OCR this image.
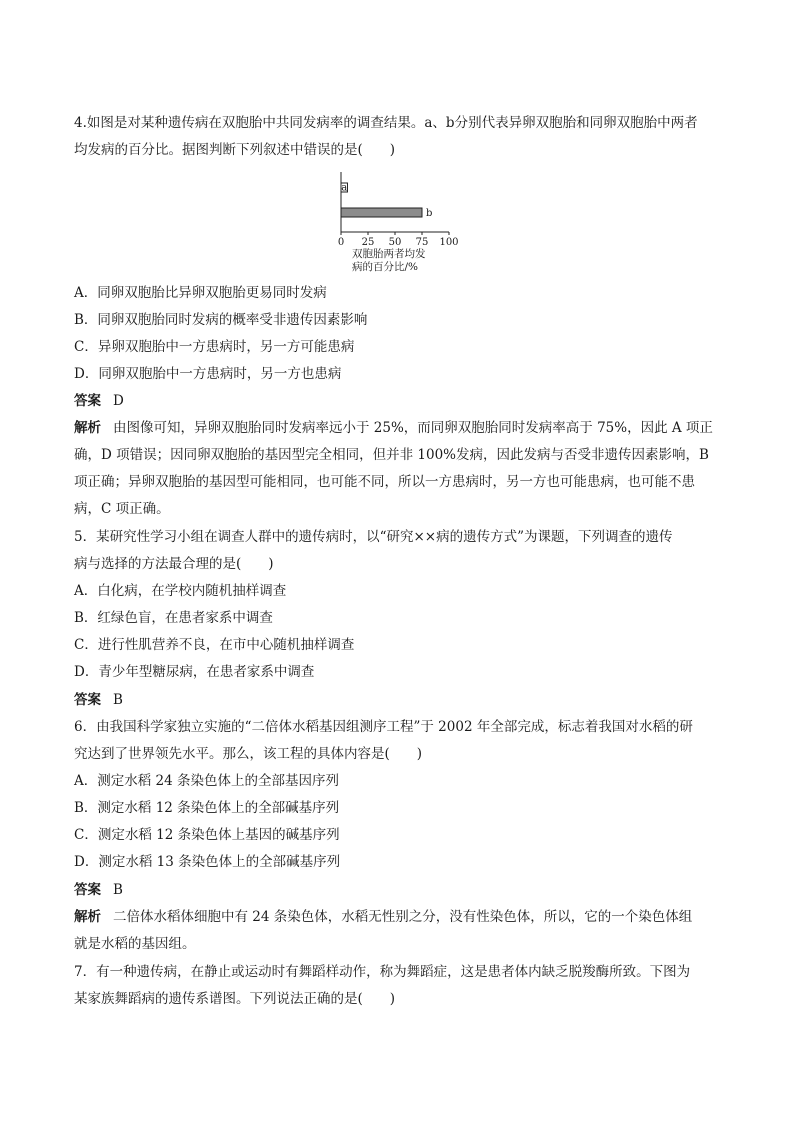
4.如图是对某种遗传病在双胞胎中共同发病率的调查结果。a、b分别代表异卵双胞胎和同卵双胞胎中两者
均发病的百分比。据图判断下列叙述中错误的是(　　)
0 25 50 75 100
a
b
双胞胎两者均发
病的百分比/%
A．同卵双胞胎比异卵双胞胎更易同时发病
B．同卵双胞胎同时发病的概率受非遗传因素影响
C．异卵双胞胎中一方患病时，另一方可能患病
D．同卵双胞胎中一方患病时，另一方也患病
答案 D
解析 由图像可知，异卵双胞胎同时发病率远小于 25%，而同卵双胞胎同时发病率高于 75%，因此 A 项正
确，D 项错误；因同卵双胞胎的基因型完全相同，但并非 100%发病，因此发病与否受非遗传因素影响，B
项正确；异卵双胞胎的基因型可能相同，也可能不同，所以一方患病时，另一方也可能患病，也可能不患
病，C 项正确。
5．某研究性学习小组在调查人群中的遗传病时，以“研究××病的遗传方式”为课题，下列调查的遗传
病与选择的方法最合理的是(　　)
A．白化病，在学校内随机抽样调查
B．红绿色盲，在患者家系中调查
C．进行性肌营养不良，在市中心随机抽样调查
D．青少年型糖尿病，在患者家系中调查
答案 B
6．由我国科学家独立实施的“二倍体水稻基因组测序工程”于 2002 年全部完成，标志着我国对水稻的研
究达到了世界领先水平。那么，该工程的具体内容是(　　)
A．测定水稻 24 条染色体上的全部基因序列
B．测定水稻 12 条染色体上的全部碱基序列
C．测定水稻 12 条染色体上基因的碱基序列
D．测定水稻 13 条染色体上的全部碱基序列
答案 B
解析 二倍体水稻体细胞中有 24 条染色体，水稻无性别之分，没有性染色体，所以，它的一个染色体组
就是水稻的基因组。
7．有一种遗传病，在静止或运动时有舞蹈样动作，称为舞蹈症，这是患者体内缺乏脱羧酶所致。下图为
某家族舞蹈病的遗传系谱图。下列说法正确的是(　　)
